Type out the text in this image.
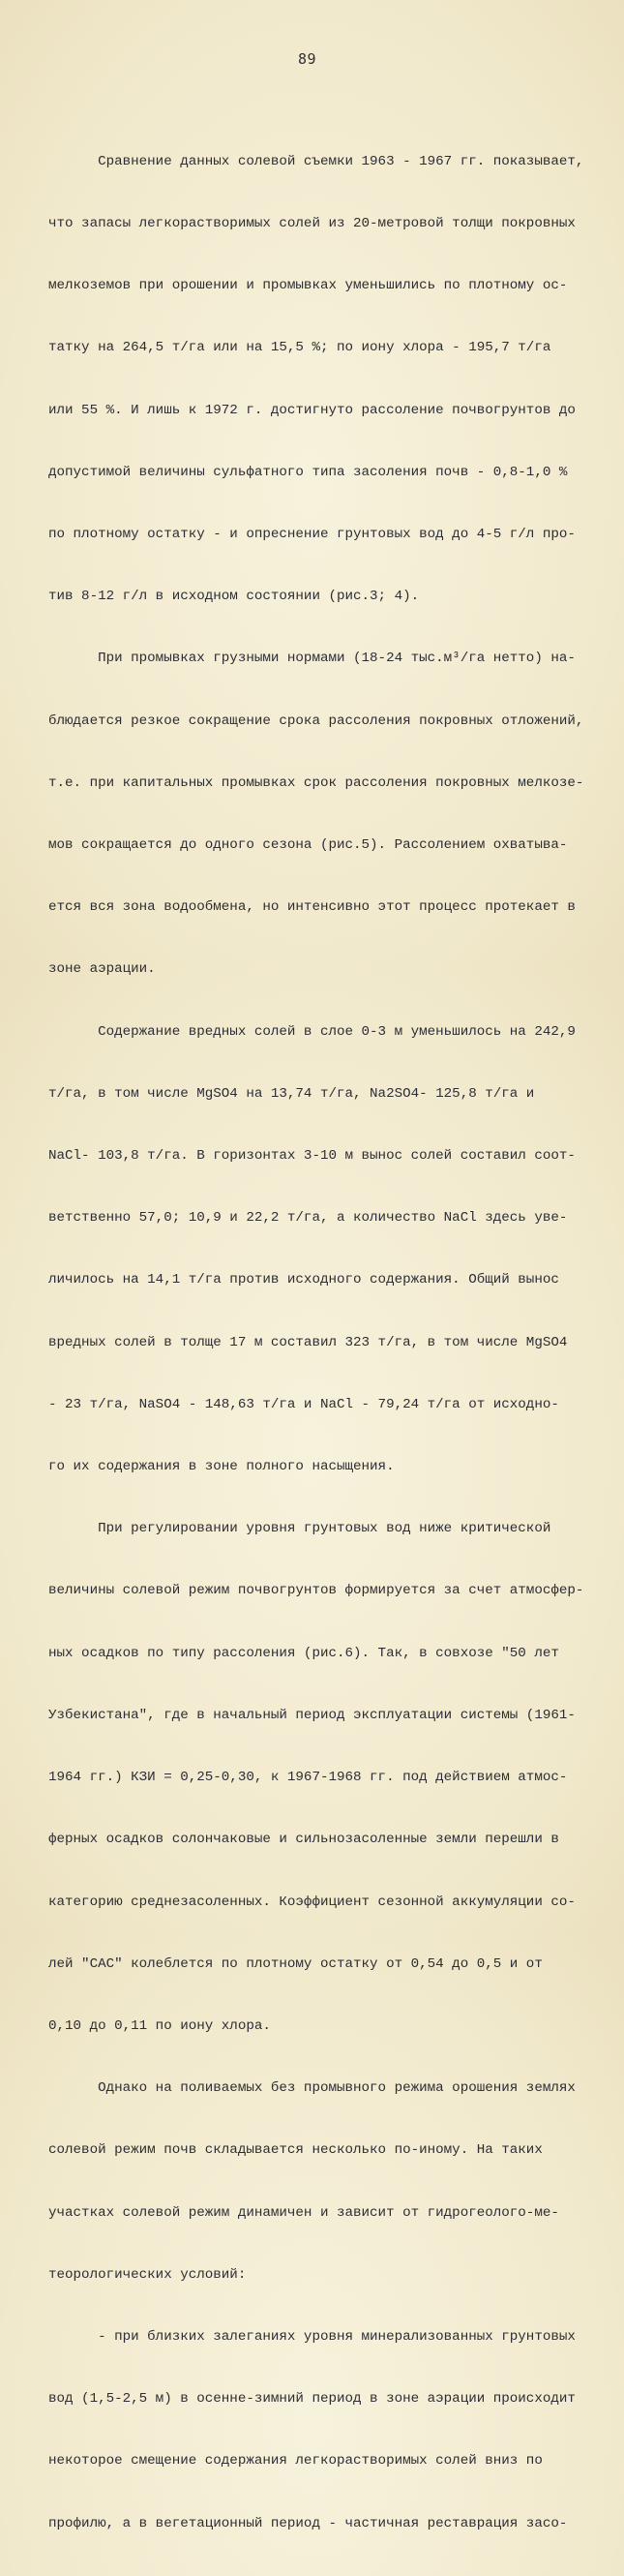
89

Сравнение данных солевой съемки 1963 - 1967 гг. показывает,

что запасы легкорастворимых солей из 20-метровой толщи покровных

мелкоземов при орошении и промывках уменьшились по плотному ос-

татку на 264,5 т/га или на 15,5 %; по иону хлора - 195,7 т/га

или 55 %. И лишь к 1972 г. достигнуто рассоление почвогрунтов до

допустимой величины сульфатного типа засоления почв - 0,8-1,0 %

по плотному остатку - и опреснение грунтовых вод до 4-5 г/л про-

тив 8-12 г/л в исходном состоянии (рис.3; 4).

При промывках грузными нормами (18-24 тыс.м³/га нетто) на-

блюдается резкое сокращение срока рассоления покровных отложений,

т.е. при капитальных промывках срок рассоления покровных мелкозе-

мов сокращается до одного сезона (рис.5). Рассолением охватыва-

ется вся зона водообмена, но интенсивно этот процесс протекает в

зоне аэрации.

Содержание вредных солей в слое 0-3 м уменьшилось на 242,9

т/га, в том числе MgSO4 на 13,74 т/га, Na2SO4- 125,8 т/га и

NaCl- 103,8 т/га. В горизонтах 3-10 м вынос солей составил соот-

ветственно 57,0; 10,9 и 22,2 т/га, а количество NaCl здесь уве-

личилось на 14,1 т/га против исходного содержания. Общий вынос

вредных солей в толще 17 м составил 323 т/га, в том числе MgSO4

- 23 т/га, NaSO4 - 148,63 т/га и NaCl - 79,24 т/га от исходно-

го их содержания в зоне полного насыщения.

При регулировании уровня грунтовых вод ниже критической

величины солевой режим почвогрунтов формируется за счет атмосфер-

ных осадков по типу рассоления (рис.6). Так, в совхозе "50 лет

Узбекистана", где в начальный период эксплуатации системы (1961-

1964 гг.) КЗИ = 0,25-0,30, к 1967-1968 гг. под действием атмос-

ферных осадков солончаковые и сильнозасоленные земли перешли в

категорию среднезасоленных. Коэффициент сезонной аккумуляции со-

лей "САС" колеблется по плотному остатку от 0,54 до 0,5 и от

0,10 до 0,11 по иону хлора.

Однако на поливаемых без промывного режима орошения землях

солевой режим почв складывается несколько по-иному. На таких

участках солевой режим динамичен и зависит от гидрогеолого-ме-

теорологических условий:

- при близких залеганиях уровня минерализованных грунтовых

вод (1,5-2,5 м) в осенне-зимний период в зоне аэрации происходит

некоторое смещение содержания легкорастворимых солей вниз по

профилю, а в вегетационный период - частичная реставрация засо-
